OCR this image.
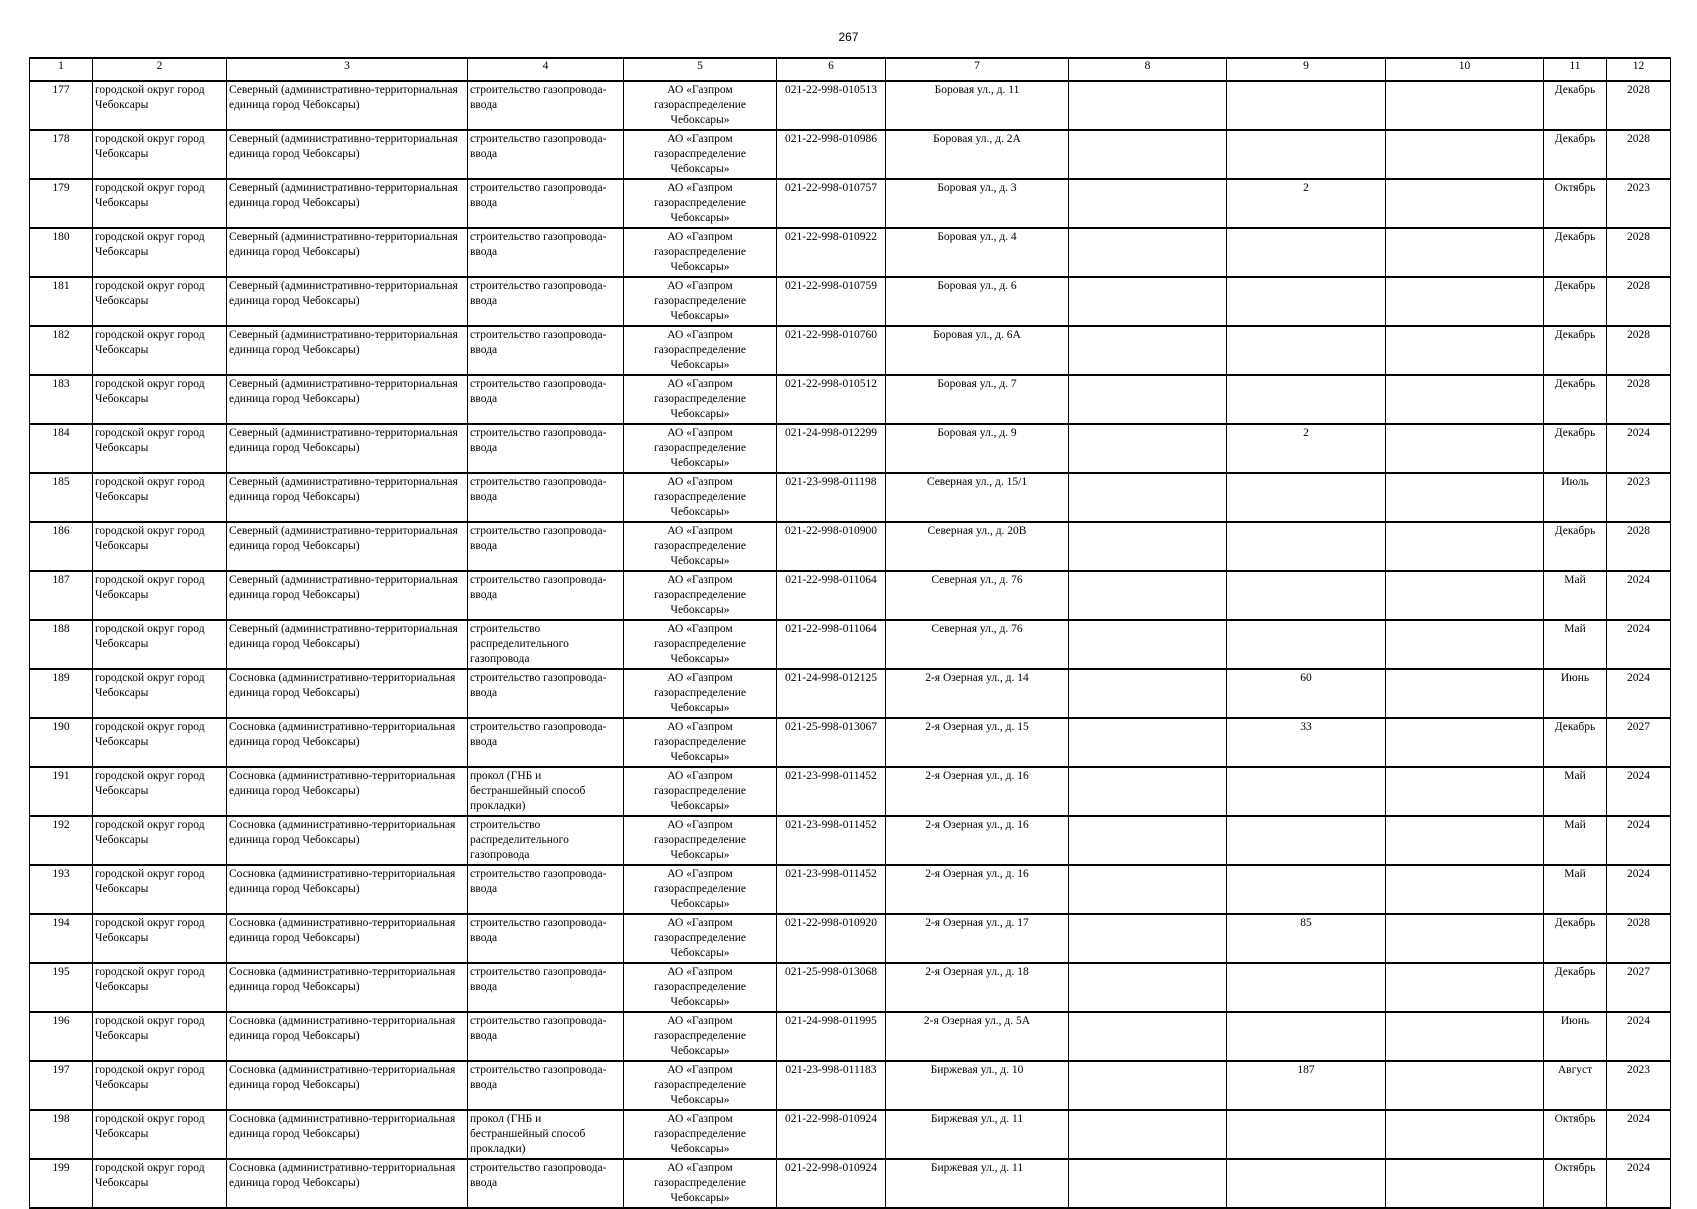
267
1	2	3	4	5	6	7	8	9	10	11	12
177	городской округ город Чебоксары	Северный (административно-территориальная единица город Чебоксары)	строительство газопровода-ввода	АО «Газпром газораспределение Чебоксары»	021-22-998-010513	Боровая ул., д. 11				Декабрь	2028
178	городской округ город Чебоксары	Северный (административно-территориальная единица город Чебоксары)	строительство газопровода-ввода	АО «Газпром газораспределение Чебоксары»	021-22-998-010986	Боровая ул., д. 2А				Декабрь	2028
179	городской округ город Чебоксары	Северный (административно-территориальная единица город Чебоксары)	строительство газопровода-ввода	АО «Газпром газораспределение Чебоксары»	021-22-998-010757	Боровая ул., д. 3		2		Октябрь	2023
180	городской округ город Чебоксары	Северный (административно-территориальная единица город Чебоксары)	строительство газопровода-ввода	АО «Газпром газораспределение Чебоксары»	021-22-998-010922	Боровая ул., д. 4				Декабрь	2028
181	городской округ город Чебоксары	Северный (административно-территориальная единица город Чебоксары)	строительство газопровода-ввода	АО «Газпром газораспределение Чебоксары»	021-22-998-010759	Боровая ул., д. 6				Декабрь	2028
182	городской округ город Чебоксары	Северный (административно-территориальная единица город Чебоксары)	строительство газопровода-ввода	АО «Газпром газораспределение Чебоксары»	021-22-998-010760	Боровая ул., д. 6А				Декабрь	2028
183	городской округ город Чебоксары	Северный (административно-территориальная единица город Чебоксары)	строительство газопровода-ввода	АО «Газпром газораспределение Чебоксары»	021-22-998-010512	Боровая ул., д. 7				Декабрь	2028
184	городской округ город Чебоксары	Северный (административно-территориальная единица город Чебоксары)	строительство газопровода-ввода	АО «Газпром газораспределение Чебоксары»	021-24-998-012299	Боровая ул., д. 9		2		Декабрь	2024
185	городской округ город Чебоксары	Северный (административно-территориальная единица город Чебоксары)	строительство газопровода-ввода	АО «Газпром газораспределение Чебоксары»	021-23-998-011198	Северная ул., д. 15/1				Июль	2023
186	городской округ город Чебоксары	Северный (административно-территориальная единица город Чебоксары)	строительство газопровода-ввода	АО «Газпром газораспределение Чебоксары»	021-22-998-010900	Северная ул., д. 20В				Декабрь	2028
187	городской округ город Чебоксары	Северный (административно-территориальная единица город Чебоксары)	строительство газопровода-ввода	АО «Газпром газораспределение Чебоксары»	021-22-998-011064	Северная ул., д. 76				Май	2024
188	городской округ город Чебоксары	Северный (административно-территориальная единица город Чебоксары)	строительство распределительного газопровода	АО «Газпром газораспределение Чебоксары»	021-22-998-011064	Северная ул., д. 76				Май	2024
189	городской округ город Чебоксары	Сосновка (административно-территориальная единица город Чебоксары)	строительство газопровода-ввода	АО «Газпром газораспределение Чебоксары»	021-24-998-012125	2-я Озерная ул., д. 14		60		Июнь	2024
190	городской округ город Чебоксары	Сосновка (административно-территориальная единица город Чебоксары)	строительство газопровода-ввода	АО «Газпром газораспределение Чебоксары»	021-25-998-013067	2-я Озерная ул., д. 15		33		Декабрь	2027
191	городской округ город Чебоксары	Сосновка (административно-территориальная единица город Чебоксары)	прокол (ГНБ и бестраншейный способ прокладки)	АО «Газпром газораспределение Чебоксары»	021-23-998-011452	2-я Озерная ул., д. 16				Май	2024
192	городской округ город Чебоксары	Сосновка (административно-территориальная единица город Чебоксары)	строительство распределительного газопровода	АО «Газпром газораспределение Чебоксары»	021-23-998-011452	2-я Озерная ул., д. 16				Май	2024
193	городской округ город Чебоксары	Сосновка (административно-территориальная единица город Чебоксары)	строительство газопровода-ввода	АО «Газпром газораспределение Чебоксары»	021-23-998-011452	2-я Озерная ул., д. 16				Май	2024
194	городской округ город Чебоксары	Сосновка (административно-территориальная единица город Чебоксары)	строительство газопровода-ввода	АО «Газпром газораспределение Чебоксары»	021-22-998-010920	2-я Озерная ул., д. 17		85		Декабрь	2028
195	городской округ город Чебоксары	Сосновка (административно-территориальная единица город Чебоксары)	строительство газопровода-ввода	АО «Газпром газораспределение Чебоксары»	021-25-998-013068	2-я Озерная ул., д. 18				Декабрь	2027
196	городской округ город Чебоксары	Сосновка (административно-территориальная единица город Чебоксары)	строительство газопровода-ввода	АО «Газпром газораспределение Чебоксары»	021-24-998-011995	2-я Озерная ул., д. 5А				Июнь	2024
197	городской округ город Чебоксары	Сосновка (административно-территориальная единица город Чебоксары)	строительство газопровода-ввода	АО «Газпром газораспределение Чебоксары»	021-23-998-011183	Биржевая ул., д. 10		187		Август	2023
198	городской округ город Чебоксары	Сосновка (административно-территориальная единица город Чебоксары)	прокол (ГНБ и бестраншейный способ прокладки)	АО «Газпром газораспределение Чебоксары»	021-22-998-010924	Биржевая ул., д. 11				Октябрь	2024
199	городской округ город Чебоксары	Сосновка (административно-территориальная единица город Чебоксары)	строительство газопровода-ввода	АО «Газпром газораспределение Чебоксары»	021-22-998-010924	Биржевая ул., д. 11				Октябрь	2024
